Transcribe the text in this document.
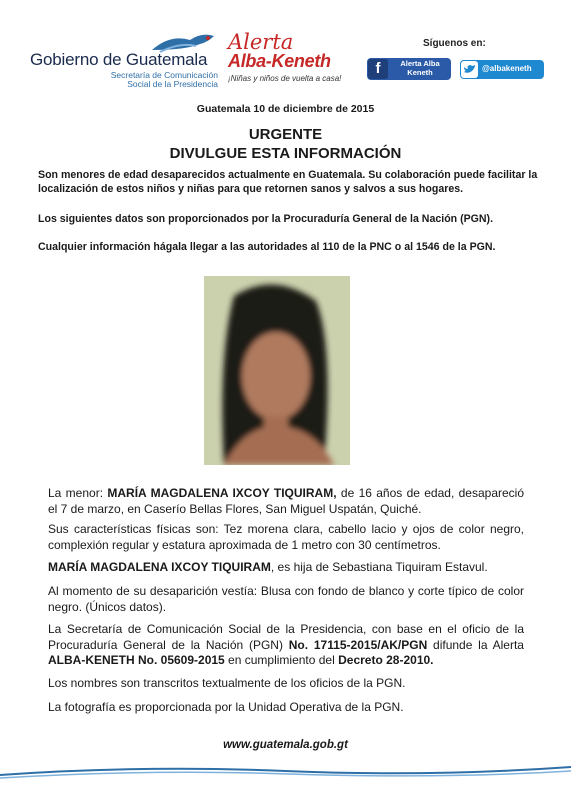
Gobierno de Guatemala
Secretaría de Comunicación
Social de la Presidencia
Alerta
Alba-Keneth
¡Niñas y niños de vuelta a casa!
Síguenos en:
f	Alerta Alba
Keneth	@albakeneth
Guatemala 10 de diciembre de 2015
URGENTE
DIVULGUE ESTA INFORMACIÓN
Son menores de edad desaparecidos actualmente en Guatemala. Su colaboración puede facilitar la localización de estos niños y niñas para que retornen sanos y salvos a sus hogares.
Los siguientes datos son proporcionados por la Procuraduría General de la Nación (PGN).
Cualquier información hágala llegar a las autoridades al 110 de la PNC o al 1546 de la PGN.
La menor: MARÍA MAGDALENA IXCOY TIQUIRAM, de 16 años de edad, desapareció el 7 de marzo, en Caserío Bellas Flores, San Miguel Uspatán, Quiché.
Sus características físicas son: Tez morena clara, cabello lacio y ojos de color negro, complexión regular y estatura aproximada de 1 metro con 30 centímetros.
MARÍA MAGDALENA IXCOY TIQUIRAM, es hija de Sebastiana Tiquiram Estavul.
Al momento de su desaparición vestía: Blusa con fondo de blanco y corte típico de color negro. (Únicos datos).
La Secretaría de Comunicación Social de la Presidencia, con base en el oficio de la Procuraduría General de la Nación (PGN) No. 17115-2015/AK/PGN difunde la Alerta ALBA-KENETH No. 05609-2015 en cumplimiento del Decreto 28-2010.
Los nombres son transcritos textualmente de los oficios de la PGN.
La fotografía es proporcionada por la Unidad Operativa de la PGN.
www.guatemala.gob.gt
